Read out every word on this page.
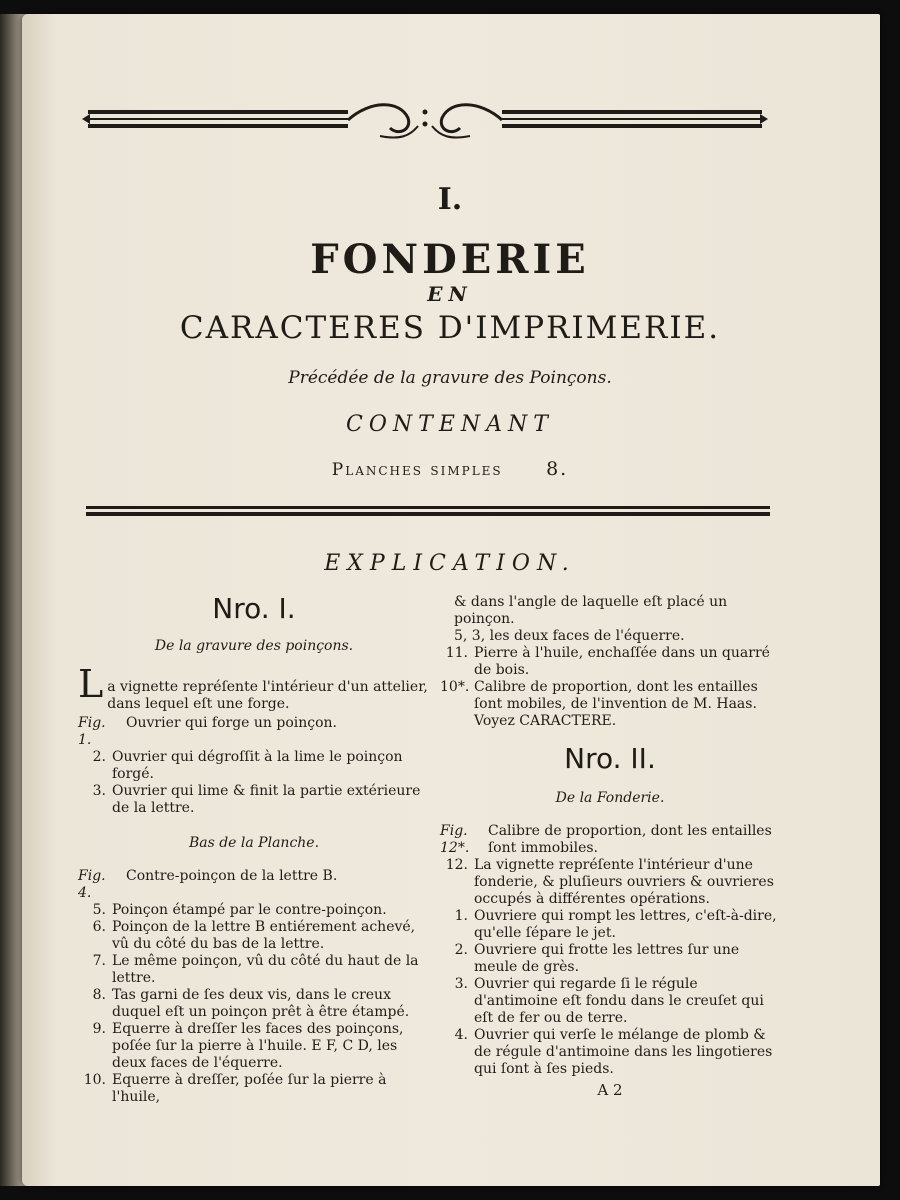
I.
FONDERIE
EN
CARACTERES D'IMPRIMERIE.
Précédée de la gravure des Poinçons.
CONTENANT
Planches simples 8.
EXPLICATION.

Nro. I.

De la gravure des poinçons.

L a vignette repréſente l'intérieur d'un attelier, dans lequel eſt une forge.

Fig. 1.
Ouvrier qui forge un poinçon.
2. Ouvrier qui dégroſſit à la lime le poinçon forgé.
3. Ouvrier qui lime & finit la partie extérieure de la lettre.

Bas de la Planche.

Fig. 4.
Contre-poinçon de la lettre B.
5. Poinçon étampé par le contre-poinçon.
6. Poinçon de la lettre B entiérement achevé, vû du côté du bas de la lettre.
7. Le même poinçon, vû du côté du haut de la lettre.
8. Tas garni de ſes deux vis, dans le creux duquel eſt un poinçon prêt à être étampé.
9. Equerre à dreſſer les faces des poinçons, poſée ſur la pierre à l'huile. E F, C D, les deux faces de l'équerre.
10. Equerre à dreſſer, poſée ſur la pierre à l'huile,

& dans l'angle de laquelle eſt placé un poinçon.

5, 3, les deux faces de l'équerre.

11. Pierre à l'huile, enchaſſée dans un quarré de bois.
10*. Calibre de proportion, dont les entailles ſont mobiles, de l'invention de M. Haas. Voyez CARACTERE.

Nro. II.

De la Fonderie.

Fig. 12*.
Calibre de proportion, dont les entailles ſont immobiles.
12. La vignette repréſente l'intérieur d'une fonderie, & pluſieurs ouvriers & ouvrieres occupés à différentes opérations.
1. Ouvriere qui rompt les lettres, c'eſt-à-dire, qu'elle ſépare le jet.
2. Ouvriere qui frotte les lettres ſur une meule de grès.
3. Ouvrier qui regarde ſi le régule d'antimoine eſt fondu dans le creuſet qui eſt de fer ou de terre.
4. Ouvrier qui verſe le mélange de plomb & de régule d'antimoine dans les lingotieres qui ſont à ſes pieds.

A 2
